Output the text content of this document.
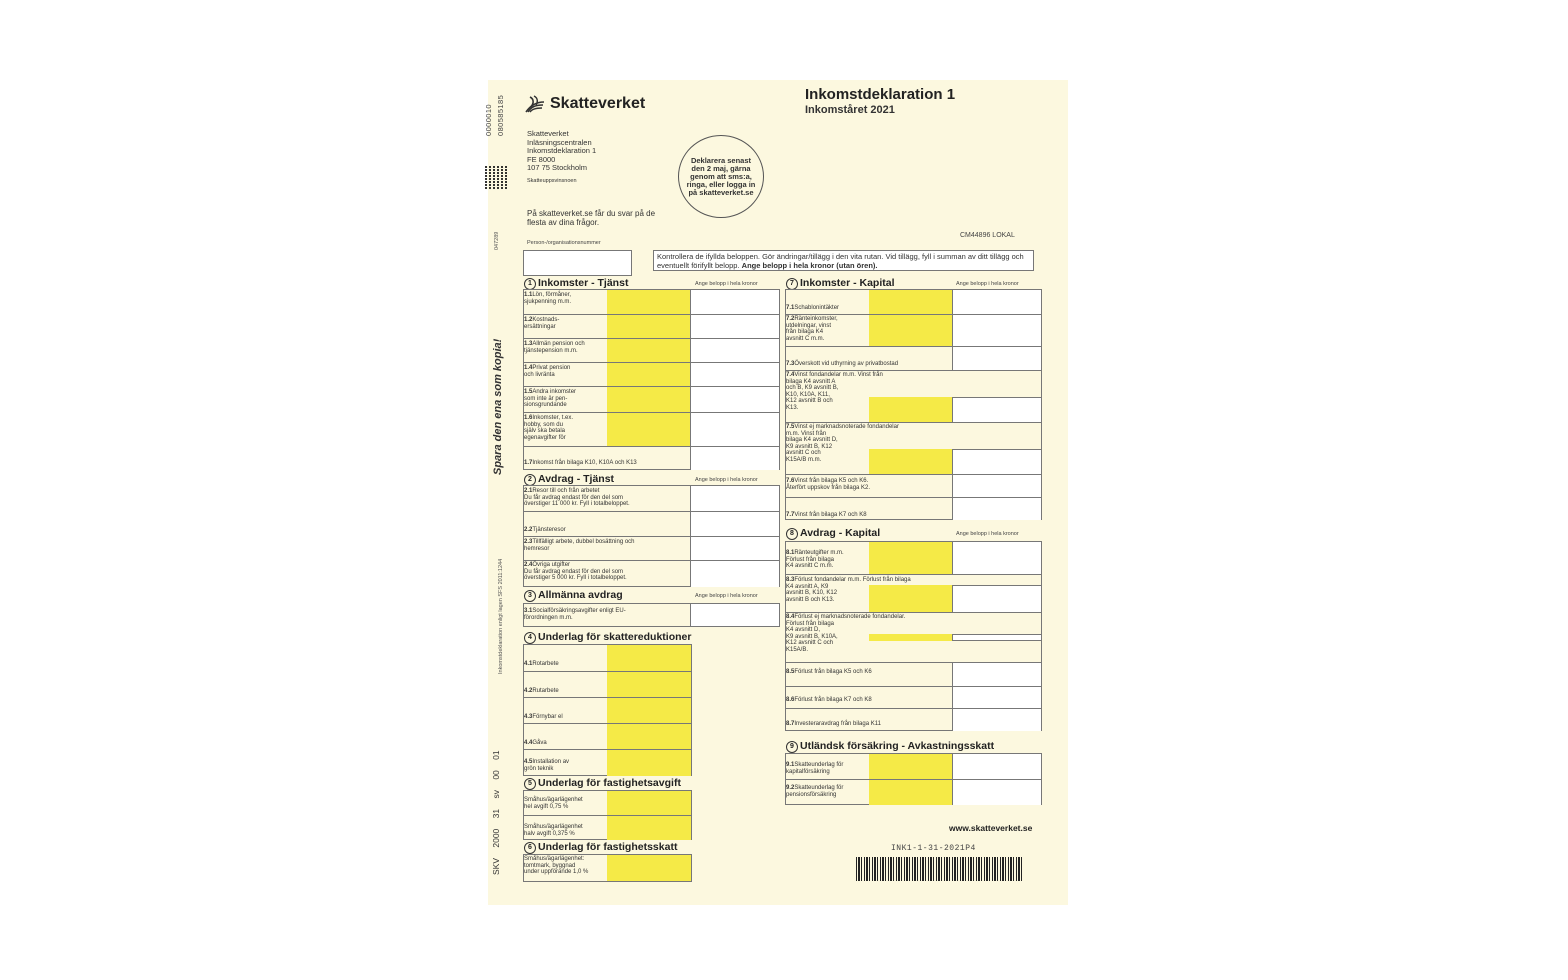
0000010 080585185
047289
Spara den ena som kopia!
Inkomstdeklaration enligt lagen SFS 2011:1244
SKV 2000 31 sv 00 01
Skatteverket
Skatteverket
Inläsningscentralen
Inkomstdeklaration 1
FE 8000
107 75 Stockholm
Skatteuppsvinsnoen
Deklarera senast den 2 maj, gärna genom att sms:a, ringa, eller logga in på skatteverket.se
Inkomstdeklaration 1
Inkomståret 2021
På skatteverket.se får du svar på de flesta av dina frågor.
Person-/organisationsnummer
CM44896 LOKAL
Kontrollera de ifyllda beloppen. Gör ändringar/tillägg i den vita rutan. Vid tillägg, fyll i summan av ditt tillägg och eventuellt förifyllt belopp. Ange belopp i hela kronor (utan ören).
1 Inkomster - Tjänst	Ange belopp i hela kronor
1.1Lön, förmåner,
sjukpenning m.m.
1.2Kostnads-
ersättningar
1.3Allmän pension och
tjänstepension m.m.
1.4Privat pension
och livränta
1.5Andra inkomster
som inte är pen-
sionsgrundande
1.6Inkomster, t.ex.
hobby, som du
själv ska betala
egenavgifter för
1.7Inkomst från bilaga K10, K10A och K13
2 Avdrag - Tjänst	Ange belopp i hela kronor
2.1Resor till och från arbetet
Du får avdrag endast för den del som
överstiger 11 000 kr. Fyll i totalbeloppet.
2.2Tjänsteresor
2.3Tillfälligt arbete, dubbel bosättning och
hemresor
2.4Övriga utgifter
Du får avdrag endast för den del som
överstiger 5 000 kr. Fyll i totalbeloppet.
3 Allmänna avdrag	Ange belopp i hela kronor
3.1Socialförsäkringsavgifter enligt EU-
förordningen m.m.
4 Underlag för skattereduktioner
4.1Rotarbete
4.2Rutarbete
4.3Förnybar el
4.4Gåva
4.5Installation av
grön teknik
5 Underlag för fastighetsavgift
Småhus/ägarlägenhet
hel avgift 0,75 %
Småhus/ägarlägenhet
halv avgift 0,375 %
6 Underlag för fastighetsskatt
Småhus/ägarlägenhet:
tomtmark, byggnad
under uppförande 1,0 %
7 Inkomster - Kapital	Ange belopp i hela kronor
7.1Schablonintäkter
7.2Ränteinkomster,
utdelningar, vinst
från bilaga K4
avsnitt C m.m.
7.3Överskott vid uthyrning av privatbostad
7.4Vinst fondandelar m.m. Vinst från
bilaga K4 avsnitt A
och B, K9 avsnitt B,
K10, K10A, K11,
K12 avsnitt B och
K13.
7.5Vinst ej marknadsnoterade fondandelar
m.m. Vinst från
bilaga K4 avsnitt D,
K9 avsnitt B, K12
avsnitt C och
K15A/B m.m.
7.6Vinst från bilaga K5 och K6.
Återfört uppskov från bilaga K2.
7.7Vinst från bilaga K7 och K8
8 Avdrag - Kapital	Ange belopp i hela kronor
8.1Ränteutgifter m.m.
Förlust från bilaga
K4 avsnitt C m.m.
8.3Förlust fondandelar m.m. Förlust från bilaga
K4 avsnitt A, K9
avsnitt B, K10, K12
avsnitt B och K13.
8.4Förlust ej marknadsnoterade fondandelar.
Förlust från bilaga
K4 avsnitt D,
K9 avsnitt B, K10A,
K12 avsnitt C och
K15A/B.
8.5Förlust från bilaga K5 och K6
8.6Förlust från bilaga K7 och K8
8.7Investeraravdrag från bilaga K11
9 Utländsk försäkring - Avkastningsskatt
9.1Skatteunderlag för
kapitalförsäkring
9.2Skatteunderlag för
pensionsförsäkring
www.skatteverket.se
INK1-1-31-2021P4
